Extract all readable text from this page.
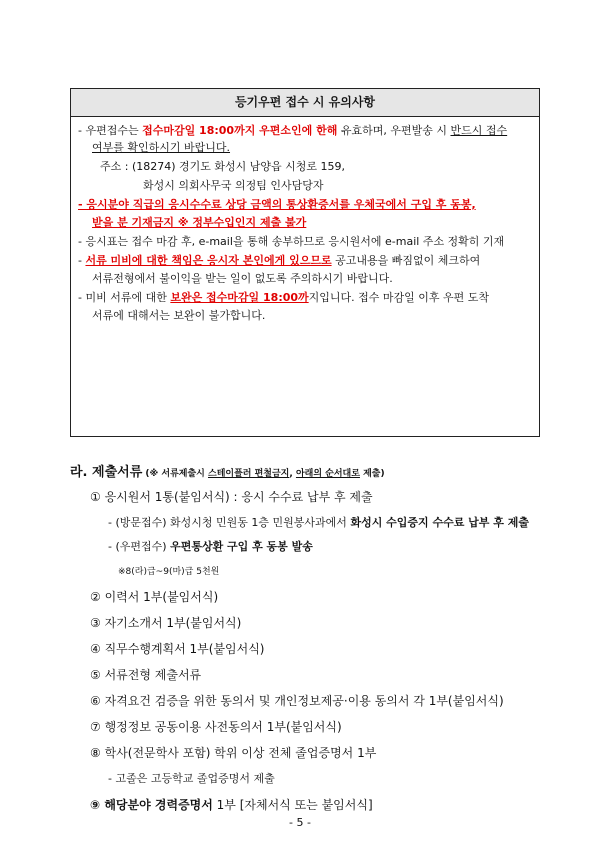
등기우편 접수 시 유의사항
- 우편접수는 접수마감일 18:00까지 우편소인에 한해 유효하며, 우편발송 시 반드시 접수
여부를 확인하시기 바랍니다.
주소 : (18274) 경기도 화성시 남양읍 시청로 159,
화성시 의회사무국 의정팀 인사담당자
- 응시분야 직급의 응시수수료 상당 금액의 통상환증서를 우체국에서 구입 후 동봉,
받을 분 기재금지 ※ 정부수입인지 제출 불가
- 응시표는 접수 마감 후, e-mail을 통해 송부하므로 응시원서에 e-mail 주소 정확히 기재
- 서류 미비에 대한 책임은 응시자 본인에게 있으므로 공고내용을 빠짐없이 체크하여
서류전형에서 불이익을 받는 일이 없도록 주의하시기 바랍니다.
- 미비 서류에 대한 보완은 접수마감일 18:00까지입니다. 접수 마감일 이후 우편 도착
서류에 대해서는 보완이 불가합니다.
라. 제출서류 (※ 서류제출시 스테이플러 편철금지, 아래의 순서대로 제출)
① 응시원서 1통(붙임서식) : 응시 수수료 납부 후 제출
- (방문접수) 화성시청 민원동 1층 민원봉사과에서 화성시 수입증지 수수료 납부 후 제출
- (우편접수) 우편통상환 구입 후 동봉 발송
※8(라)급~9(마)급 5천원
② 이력서 1부(붙임서식)
③ 자기소개서 1부(붙임서식)
④ 직무수행계획서 1부(붙임서식)
⑤ 서류전형 제출서류
⑥ 자격요건 검증을 위한 동의서 및 개인정보제공·이용 동의서 각 1부(붙임서식)
⑦ 행정정보 공동이용 사전동의서 1부(붙임서식)
⑧ 학사(전문학사 포함) 학위 이상 전체 졸업증명서 1부
- 고졸은 고등학교 졸업증명서 제출
⑨ 해당분야 경력증명서 1부 [자체서식 또는 붙임서식]
- 5 -
